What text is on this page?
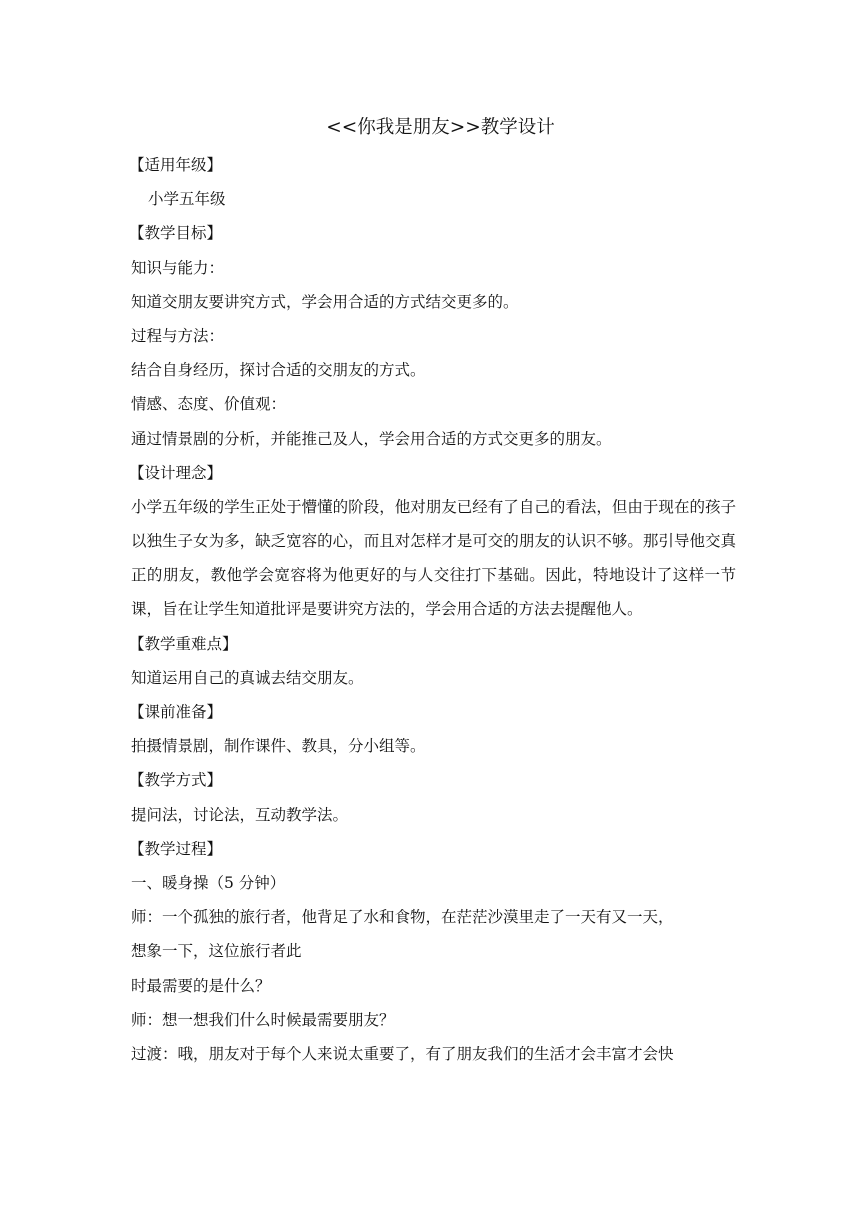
<<你我是朋友>>教学设计
【适用年级】
小学五年级
【教学目标】
知识与能力：
知道交朋友要讲究方式，学会用合适的方式结交更多的。
过程与方法：
结合自身经历，探讨合适的交朋友的方式。
情感、态度、价值观：
通过情景剧的分析，并能推己及人，学会用合适的方式交更多的朋友。
【设计理念】
小学五年级的学生正处于懵懂的阶段，他对朋友已经有了自己的看法，但由于现在的孩子以独生子女为多，缺乏宽容的心，而且对怎样才是可交的朋友的认识不够。那引导他交真正的朋友，教他学会宽容将为他更好的与人交往打下基础。因此，特地设计了这样一节课，旨在让学生知道批评是要讲究方法的，学会用合适的方法去提醒他人。
【教学重难点】
知道运用自己的真诚去结交朋友。
【课前准备】
拍摄情景剧，制作课件、教具，分小组等。
【教学方式】
提问法，讨论法，互动教学法。
【教学过程】
一、暖身操（5 分钟）
师：一个孤独的旅行者，他背足了水和食物，在茫茫沙漠里走了一天有又一天，
想象一下，这位旅行者此
时最需要的是什么？
师：想一想我们什么时候最需要朋友？
过渡：哦，朋友对于每个人来说太重要了，有了朋友我们的生活才会丰富才会快
